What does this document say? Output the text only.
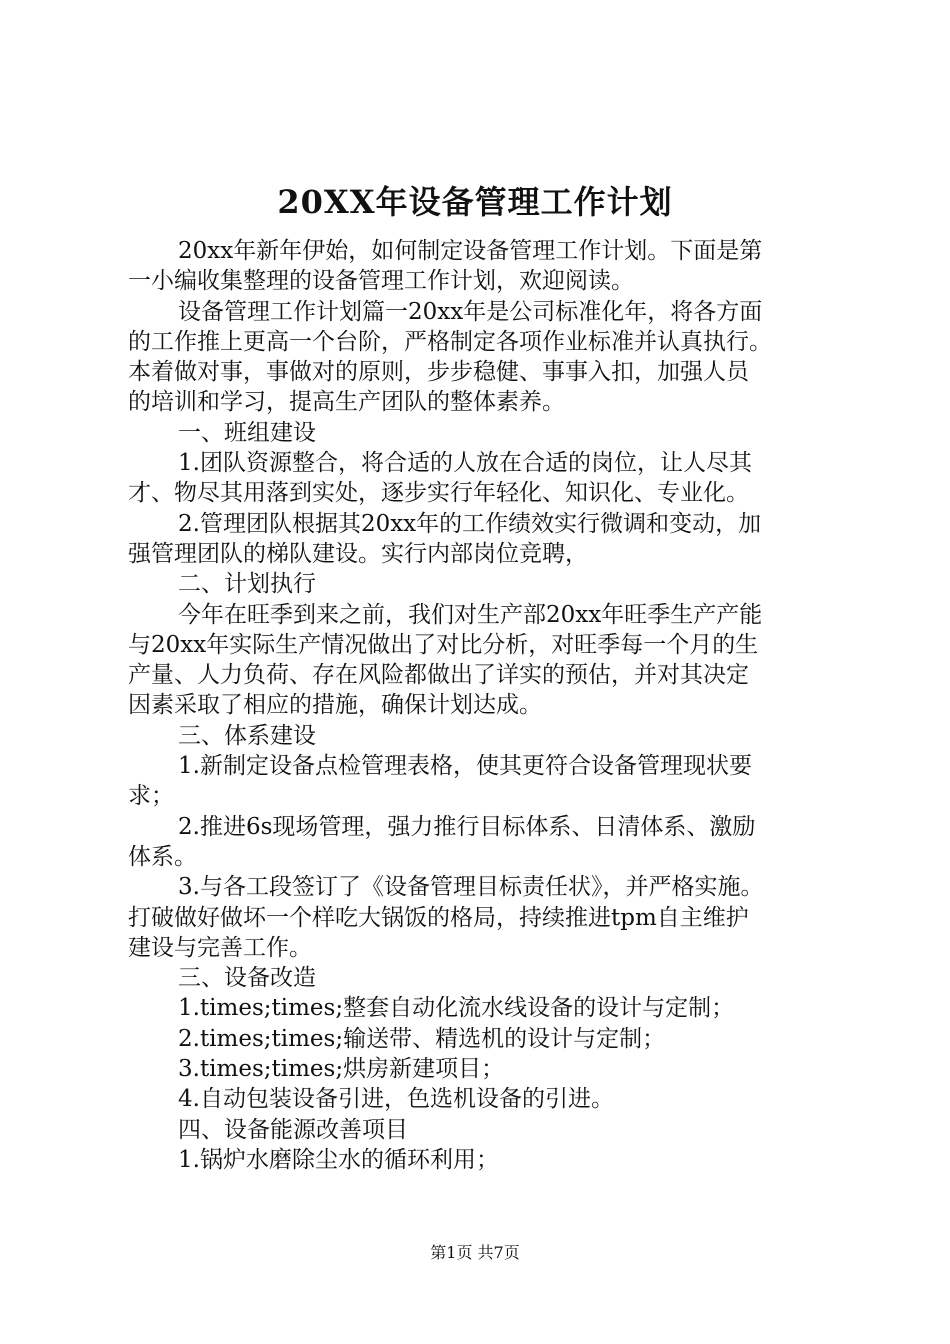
20XX年设备管理工作计划
20xx年新年伊始，如何制定设备管理工作计划。下面是第
一小编收集整理的设备管理工作计划，欢迎阅读。
设备管理工作计划篇一20xx年是公司标准化年，将各方面
的工作推上更高一个台阶，严格制定各项作业标准并认真执行。
本着做对事，事做对的原则，步步稳健、事事入扣，加强人员
的培训和学习，提高生产团队的整体素养。
一、班组建设
1.团队资源整合，将合适的人放在合适的岗位，让人尽其
才、物尽其用落到实处，逐步实行年轻化、知识化、专业化。
2.管理团队根据其20xx年的工作绩效实行微调和变动，加
强管理团队的梯队建设。实行内部岗位竞聘，
二、计划执行
今年在旺季到来之前，我们对生产部20xx年旺季生产产能
与20xx年实际生产情况做出了对比分析，对旺季每一个月的生
产量、人力负荷、存在风险都做出了详实的预估，并对其决定
因素采取了相应的措施，确保计划达成。
三、体系建设
1.新制定设备点检管理表格，使其更符合设备管理现状要
求；
2.推进6s现场管理，强力推行目标体系、日清体系、激励
体系。
3.与各工段签订了《设备管理目标责任状》，并严格实施。
打破做好做坏一个样吃大锅饭的格局，持续推进tpm自主维护
建设与完善工作。
三、设备改造
1.times;times;整套自动化流水线设备的设计与定制；
2.times;times;输送带、精选机的设计与定制；
3.times;times;烘房新建项目；
4.自动包装设备引进，色选机设备的引进。
四、设备能源改善项目
1.锅炉水磨除尘水的循环利用；
第1页 共7页
